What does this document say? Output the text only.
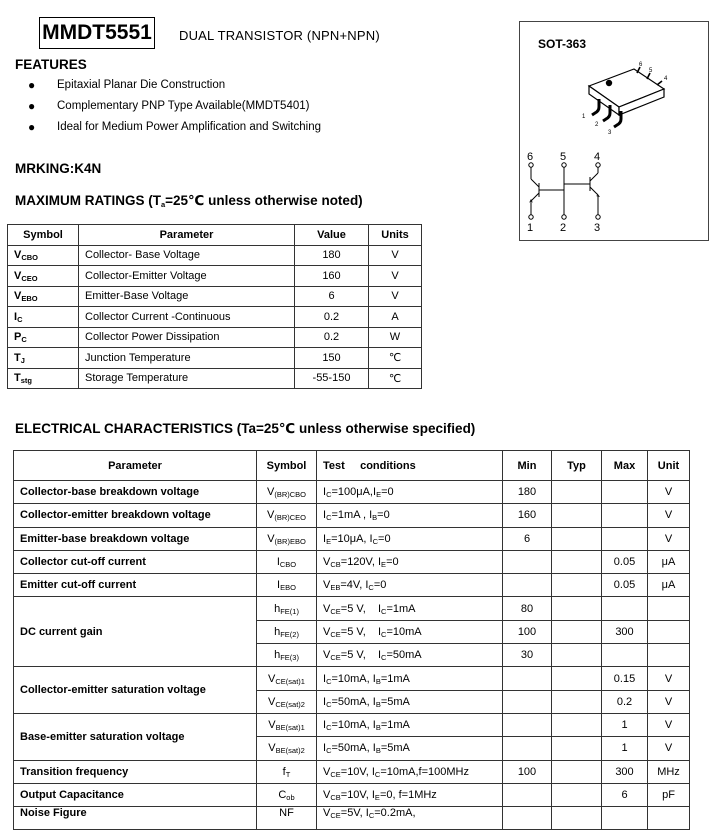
MMDT5551 DUAL TRANSISTOR (NPN+NPN)
FEATURES
● Epitaxial Planar Die Construction
● Complementary PNP Type Available(MMDT5401)
● Ideal for Medium Power Amplification and Switching
MRKING:K4N
MAXIMUM RATINGS (Ta=25℃ unless otherwise noted)
Symbol	Parameter	Value	Units
VCBO	Collector- Base Voltage	180	V
VCEO	Collector-Emitter Voltage	160	V
VEBO	Emitter-Base Voltage	6	V
IC	Collector Current -Continuous	0.2	A
PC	Collector Power Dissipation	0.2	W
TJ	Junction Temperature	150	℃
Tstg	Storage Temperature	-55-150	℃
SOT-363
6
5
4
1
2
3
6 5	4
1 2	3
ELECTRICAL CHARACTERISTICS (Ta=25℃ unless otherwise specified)
Parameter	Symbol	Test     conditions	Min	Typ	Max	Unit
Collector-base breakdown voltage	V(BR)CBO	IC=100μA,IE=0	180			V
Collector-emitter breakdown voltage	V(BR)CEO	IC=1mA , IB=0	160			V
Emitter-base breakdown voltage	V(BR)EBO	IE=10μA, IC=0	6			V
Collector cut-off current	ICBO	VCB=120V, IE=0			0.05	μA
Emitter cut-off current	IEBO	VEB=4V, IC=0			0.05	μA
DC current gain	hFE(1)	VCE=5 V,    IC=1mA	80			
	hFE(2)	VCE=5 V,    IC=10mA	100		300	
	hFE(3)	VCE=5 V,    IC=50mA	30			
Collector-emitter saturation voltage	VCE(sat)1	IC=10mA, IB=1mA			0.15	V
	VCE(sat)2	IC=50mA, IB=5mA			0.2	V
Base-emitter saturation voltage	VBE(sat)1	IC=10mA, IB=1mA			1	V
	VBE(sat)2	IC=50mA, IB=5mA			1	V
Transition frequency	fT	VCE=10V, IC=10mA,f=100MHz	100		300	MHz
Output Capacitance	Cob	VCB=10V, IE=0, f=1MHz			6	pF
Noise Figure	NF	VCE=5V, IC=0.2mA,				
